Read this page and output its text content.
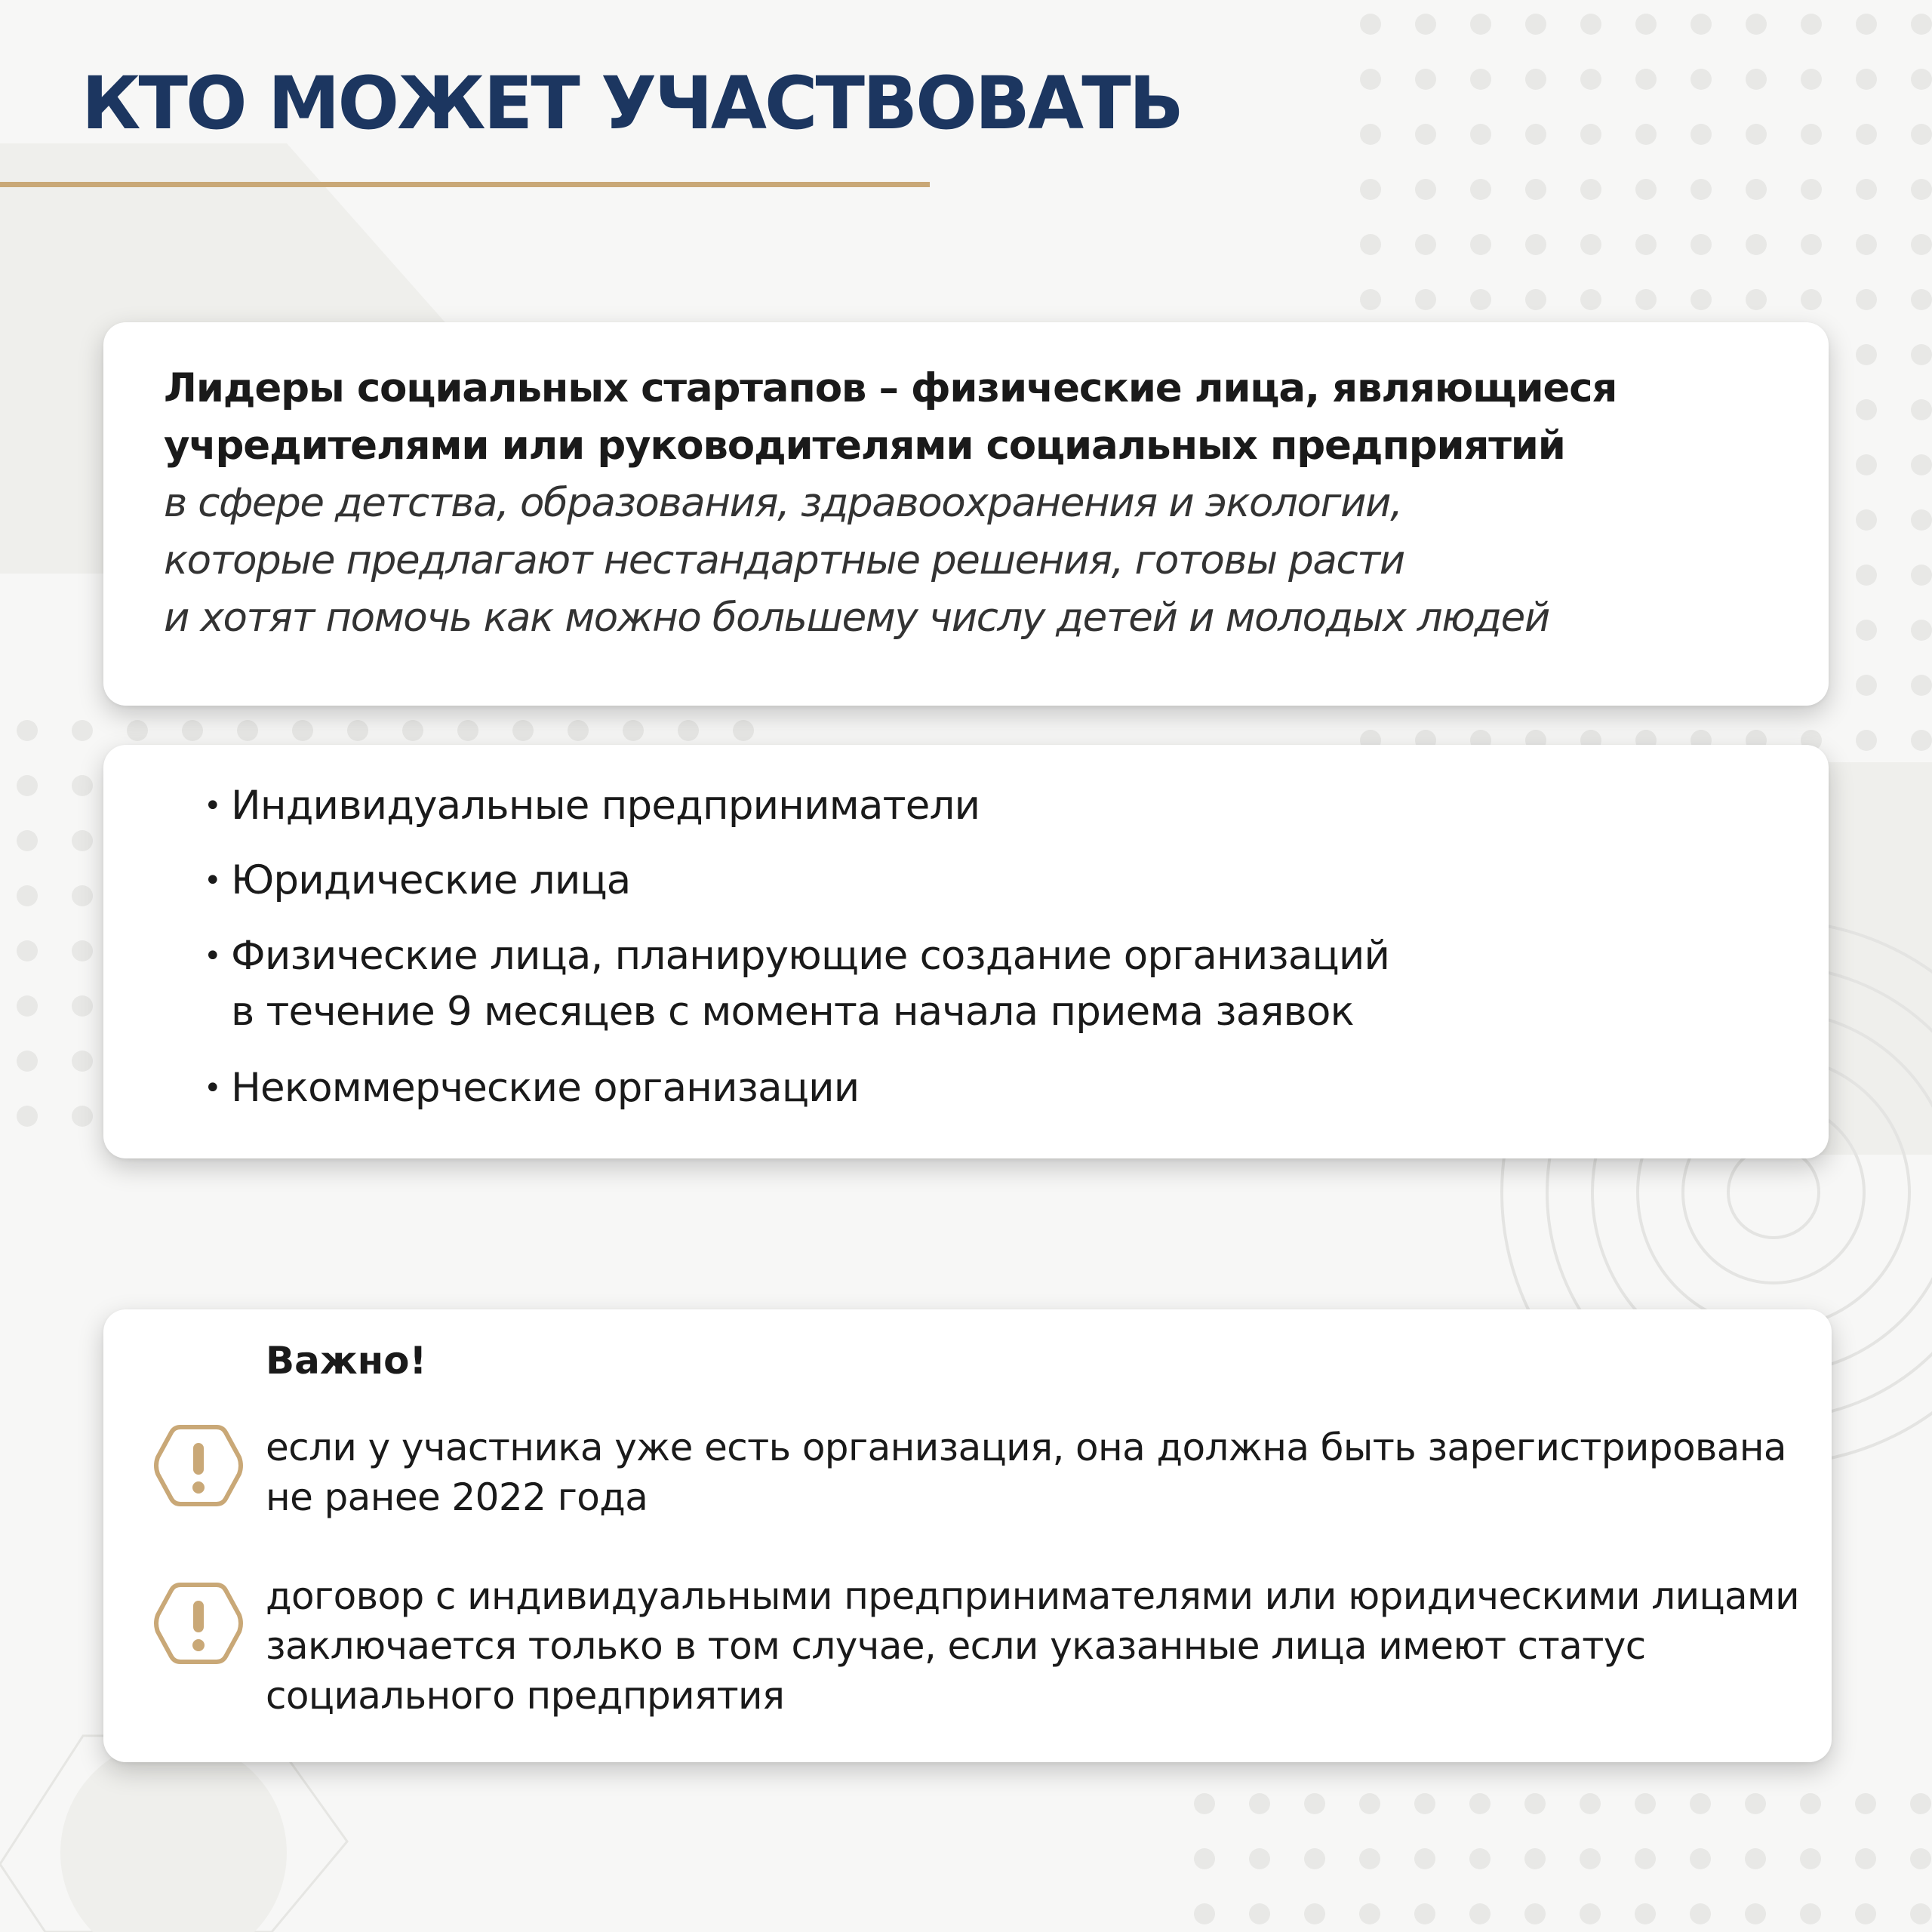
КТО МОЖЕТ УЧАСТВОВАТЬ

Лидеры социальных стартапов – физические лица, являющиеся
учредителями или руководителями социальных предприятий
в сфере детства, образования, здравоохранения и экологии,
которые предлагают нестандартные решения, готовы расти
и хотят помочь как можно большему числу детей и молодых людей

• Индивидуальные предприниматели
• Юридические лица
• Физические лица, планирующие создание организаций
в течение 9 месяцев с момента начала приема заявок
• Некоммерческие организации
Важно!

если у участника уже есть организация, она должна быть зарегистрирована
не ранее 2022 года

договор с индивидуальными предпринимателями или юридическими лицами
заключается только в том случае, если указанные лица имеют статус
социального предприятия
